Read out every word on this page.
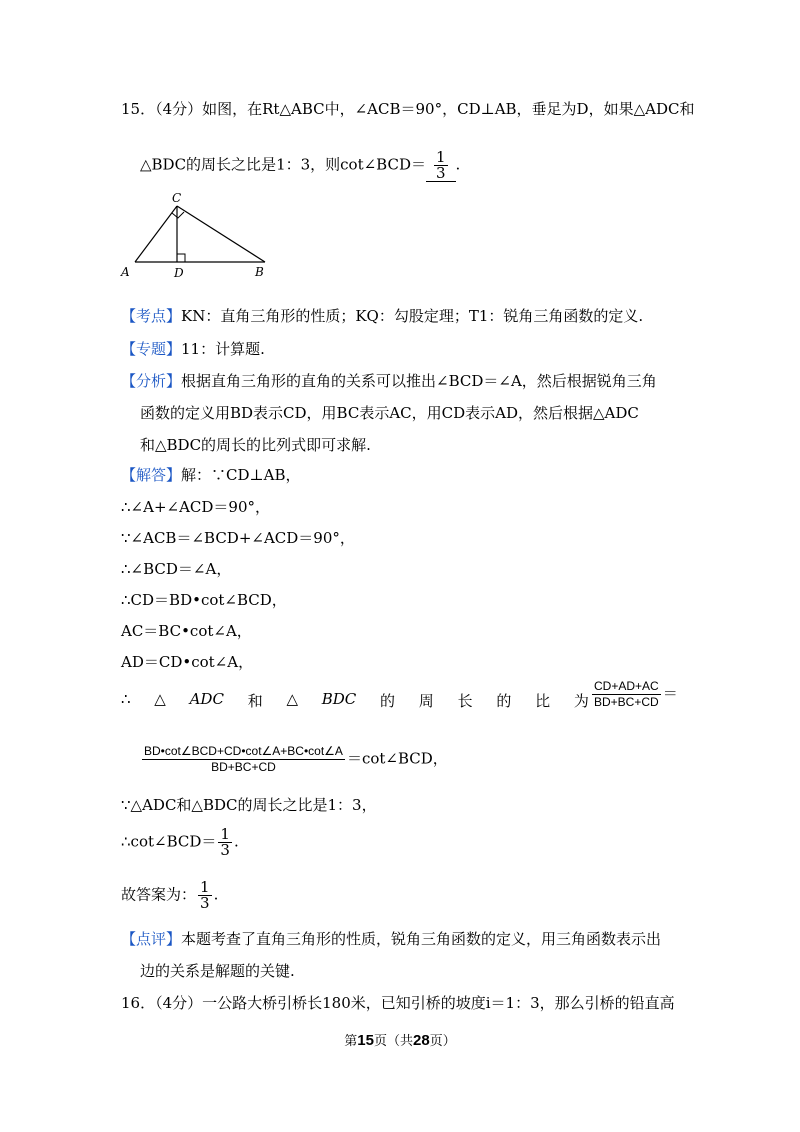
15．（4分）如图，在Rt△ABC中，∠ACB＝90°，CD⊥AB，垂足为D，如果△ADC和
△BDC的周长之比是1：3，则cot∠BCD＝ $\frac{1}{3}$ .
C
A	D	B
【考点】KN：直角三角形的性质；KQ：勾股定理；T1：锐角三角函数的定义.
【专题】11：计算题.
【分析】根据直角三角形的直角的关系可以推出∠BCD＝∠A，然后根据锐角三角
函数的定义用BD表示CD，用BC表示AC，用CD表示AD，然后根据△ADC
和△BDC的周长的比列式即可求解.
【解答】解：∵CD⊥AB，
∴∠A+∠ACD＝90°，
∵∠ACB＝∠BCD+∠ACD＝90°，
∴∠BCD＝∠A，
∴CD＝BD•cot∠BCD，
AC＝BC•cot∠A，
AD＝CD•cot∠A，
∴ △ ADC 和 △ BDC 的 周 长 的 比 为 $\frac{CD+AD+AC}{BD+BC+CD}$ ＝
$\frac{\text{BD•cot∠BCD+CD•cot∠A+BC•cot∠A}}{BD+BC+CD}$ ＝cot∠BCD，
∵△ADC和△BDC的周长之比是1：3，
∴cot∠BCD＝ $\frac{1}{3}$ .
故答案为： $\frac{1}{3}$ .
【点评】本题考查了直角三角形的性质，锐角三角函数的定义，用三角函数表示出
边的关系是解题的关键.
16．（4分）一公路大桥引桥长180米，已知引桥的坡度i＝1：3，那么引桥的铅直高
第15页（共28页）
